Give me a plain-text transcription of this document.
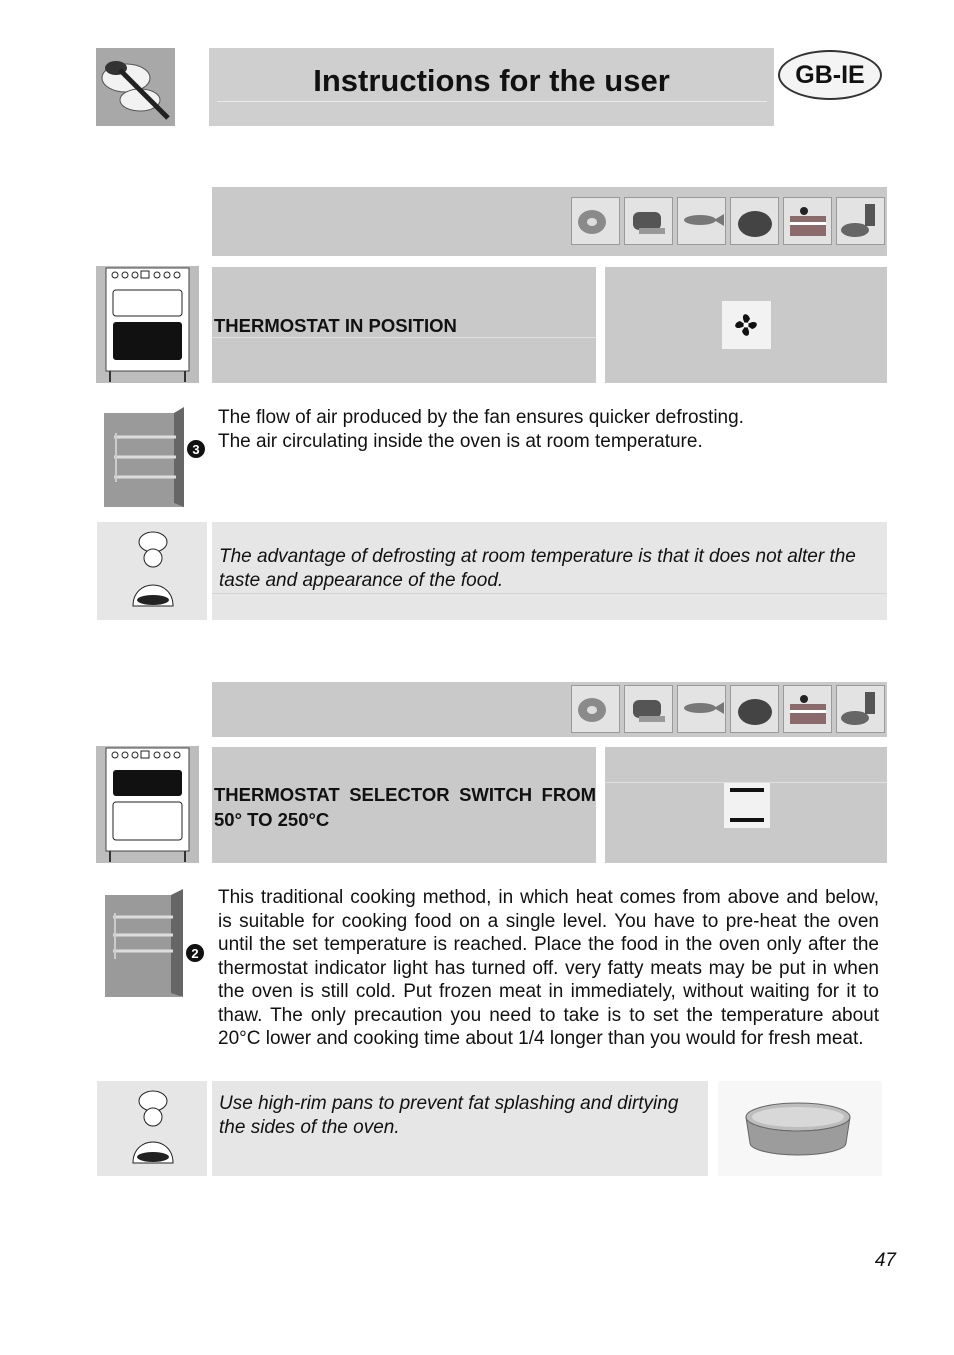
Instructions for the user	GB-IE
THERMOSTAT IN POSITION
3
The flow of air produced by the fan ensures quicker defrosting.
The air circulating inside the oven is at room temperature.
The advantage of defrosting at room temperature is that it does not alter the taste and appearance of the food.
THERMOSTAT SELECTOR SWITCH FROM 50° TO 250°C
2
This traditional cooking method, in which heat comes from above and below, is suitable for cooking food on a single level. You have to pre-heat the oven until the set temperature is reached. Place the food in the oven only after the thermostat indicator light has turned off. very fatty meats may be put in when the oven is still cold. Put frozen meat in immediately, without waiting for it to thaw. The only precaution you need to take is to set the temperature about 20°C lower and cooking time about 1/4 longer than you would for fresh meat.
Use high-rim pans to prevent fat splashing and dirtying the sides of the oven.
47
